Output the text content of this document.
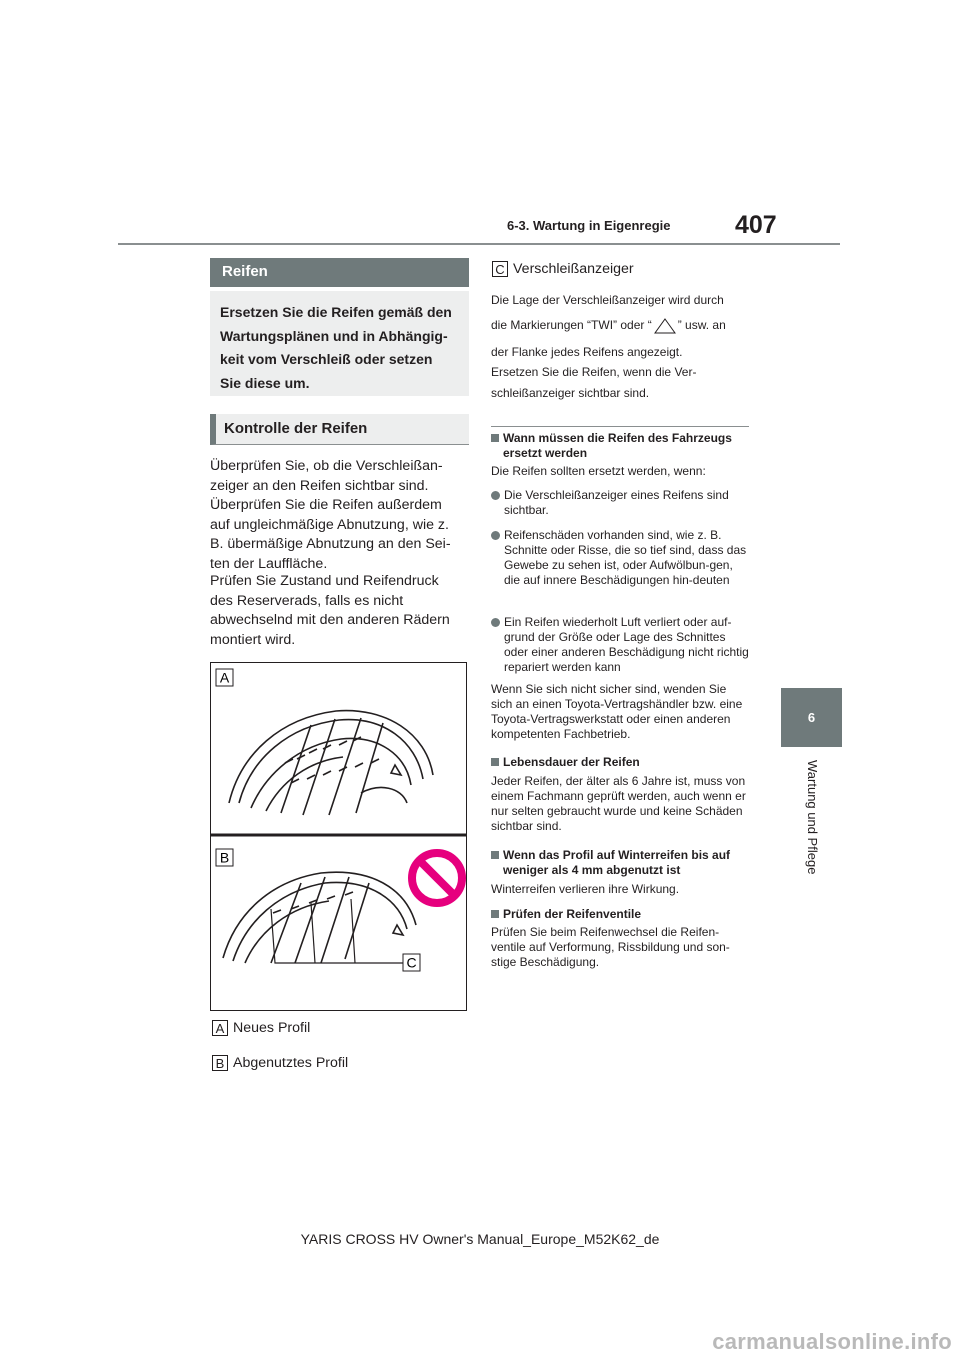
6-3. Wartung in Eigenregie	407
6
Wartung und Pflege
Reifen
Ersetzen Sie die Reifen gemäß den
Wartungsplänen und in Abhängig-
keit vom Verschleiß oder setzen
Sie diese um.
Kontrolle der Reifen
Überprüfen Sie, ob die Verschleißan-
zeiger an den Reifen sichtbar sind.
Überprüfen Sie die Reifen außerdem
auf ungleichmäßige Abnutzung, wie z.
B. übermäßige Abnutzung an den Sei-
ten der Lauffläche.
Prüfen Sie Zustand und Reifendruck
des Reserverads, falls es nicht
abwechselnd mit den anderen Rädern
montiert wird.
A
B
C
A Neues Profil
B Abgenutztes Profil
C Verschleißanzeiger
Die Lage der Verschleißanzeiger wird durch
die Markierungen “TWI” oder “ ” usw. an
der Flanke jedes Reifens angezeigt.
Ersetzen Sie die Reifen, wenn die Ver-
schleißanzeiger sichtbar sind.
Wann müssen die Reifen des Fahrzeugs ersetzt werden
Die Reifen sollten ersetzt werden, wenn:
Die Verschleißanzeiger eines Reifens sind sichtbar.
Reifenschäden vorhanden sind, wie z. B. Schnitte oder Risse, die so tief sind, dass das Gewebe zu sehen ist, oder Aufwölbun-gen, die auf innere Beschädigungen hin-deuten
Ein Reifen wiederholt Luft verliert oder auf-grund der Größe oder Lage des Schnittes oder einer anderen Beschädigung nicht richtig repariert werden kann
Wenn Sie sich nicht sicher sind, wenden Sie sich an einen Toyota-Vertragshändler bzw. eine Toyota-Vertragswerkstatt oder einen anderen kompetenten Fachbetrieb.
Lebensdauer der Reifen
Jeder Reifen, der älter als 6 Jahre ist, muss von einem Fachmann geprüft werden, auch wenn er nur selten gebraucht wurde und keine Schäden sichtbar sind.
Wenn das Profil auf Winterreifen bis auf weniger als 4 mm abgenutzt ist
Winterreifen verlieren ihre Wirkung.
Prüfen der Reifenventile
Prüfen Sie beim Reifenwechsel die Reifen-ventile auf Verformung, Rissbildung und son-stige Beschädigung.
YARIS CROSS HV Owner's Manual_Europe_M52K62_de
carmanualsonline.info
